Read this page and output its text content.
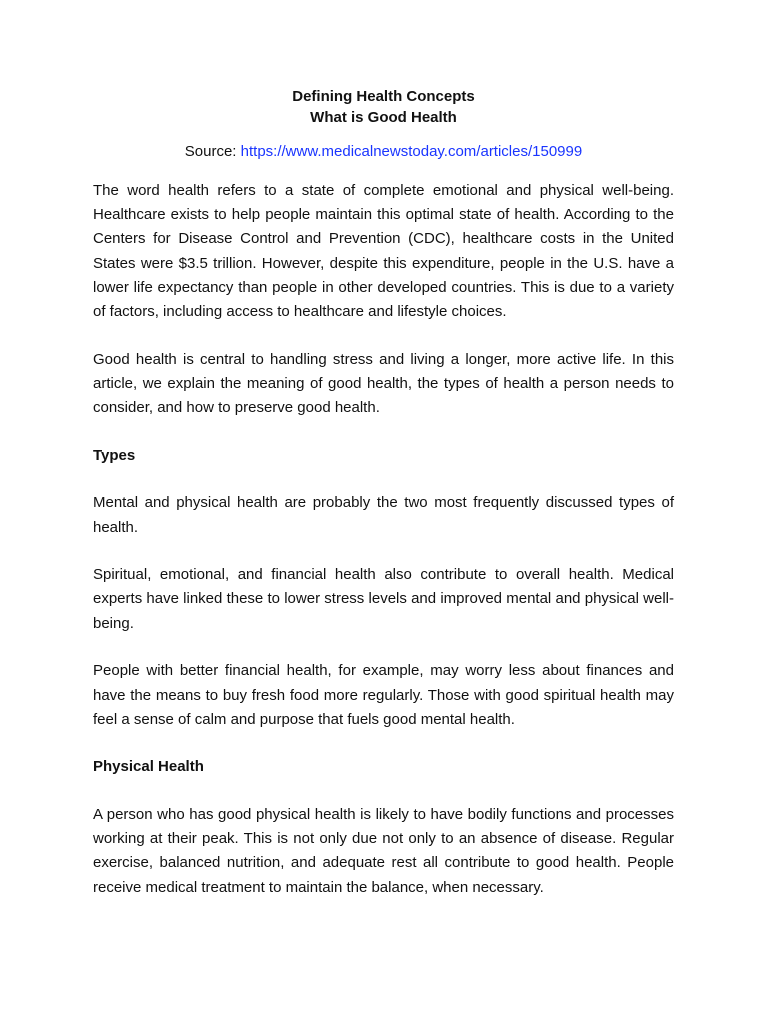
Defining Health Concepts

What is Good Health

Source: https://www.medicalnewstoday.com/articles/150999

The word health refers to a state of complete emotional and physical well-being. Healthcare exists to help people maintain this optimal state of health. According to the Centers for Disease Control and Prevention (CDC), healthcare costs in the United States were $3.5 trillion. However, despite this expenditure, people in the U.S. have a lower life expectancy than people in other developed countries. This is due to a variety of factors, including access to healthcare and lifestyle choices.

Good health is central to handling stress and living a longer, more active life. In this article, we explain the meaning of good health, the types of health a person needs to consider, and how to preserve good health.

Types

Mental and physical health are probably the two most frequently discussed types of health.

Spiritual, emotional, and financial health also contribute to overall health. Medical experts have linked these to lower stress levels and improved mental and physical well-being.

People with better financial health, for example, may worry less about finances and have the means to buy fresh food more regularly. Those with good spiritual health may feel a sense of calm and purpose that fuels good mental health.

Physical Health

A person who has good physical health is likely to have bodily functions and processes working at their peak. This is not only due not only to an absence of disease. Regular exercise, balanced nutrition, and adequate rest all contribute to good health. People receive medical treatment to maintain the balance, when necessary.
